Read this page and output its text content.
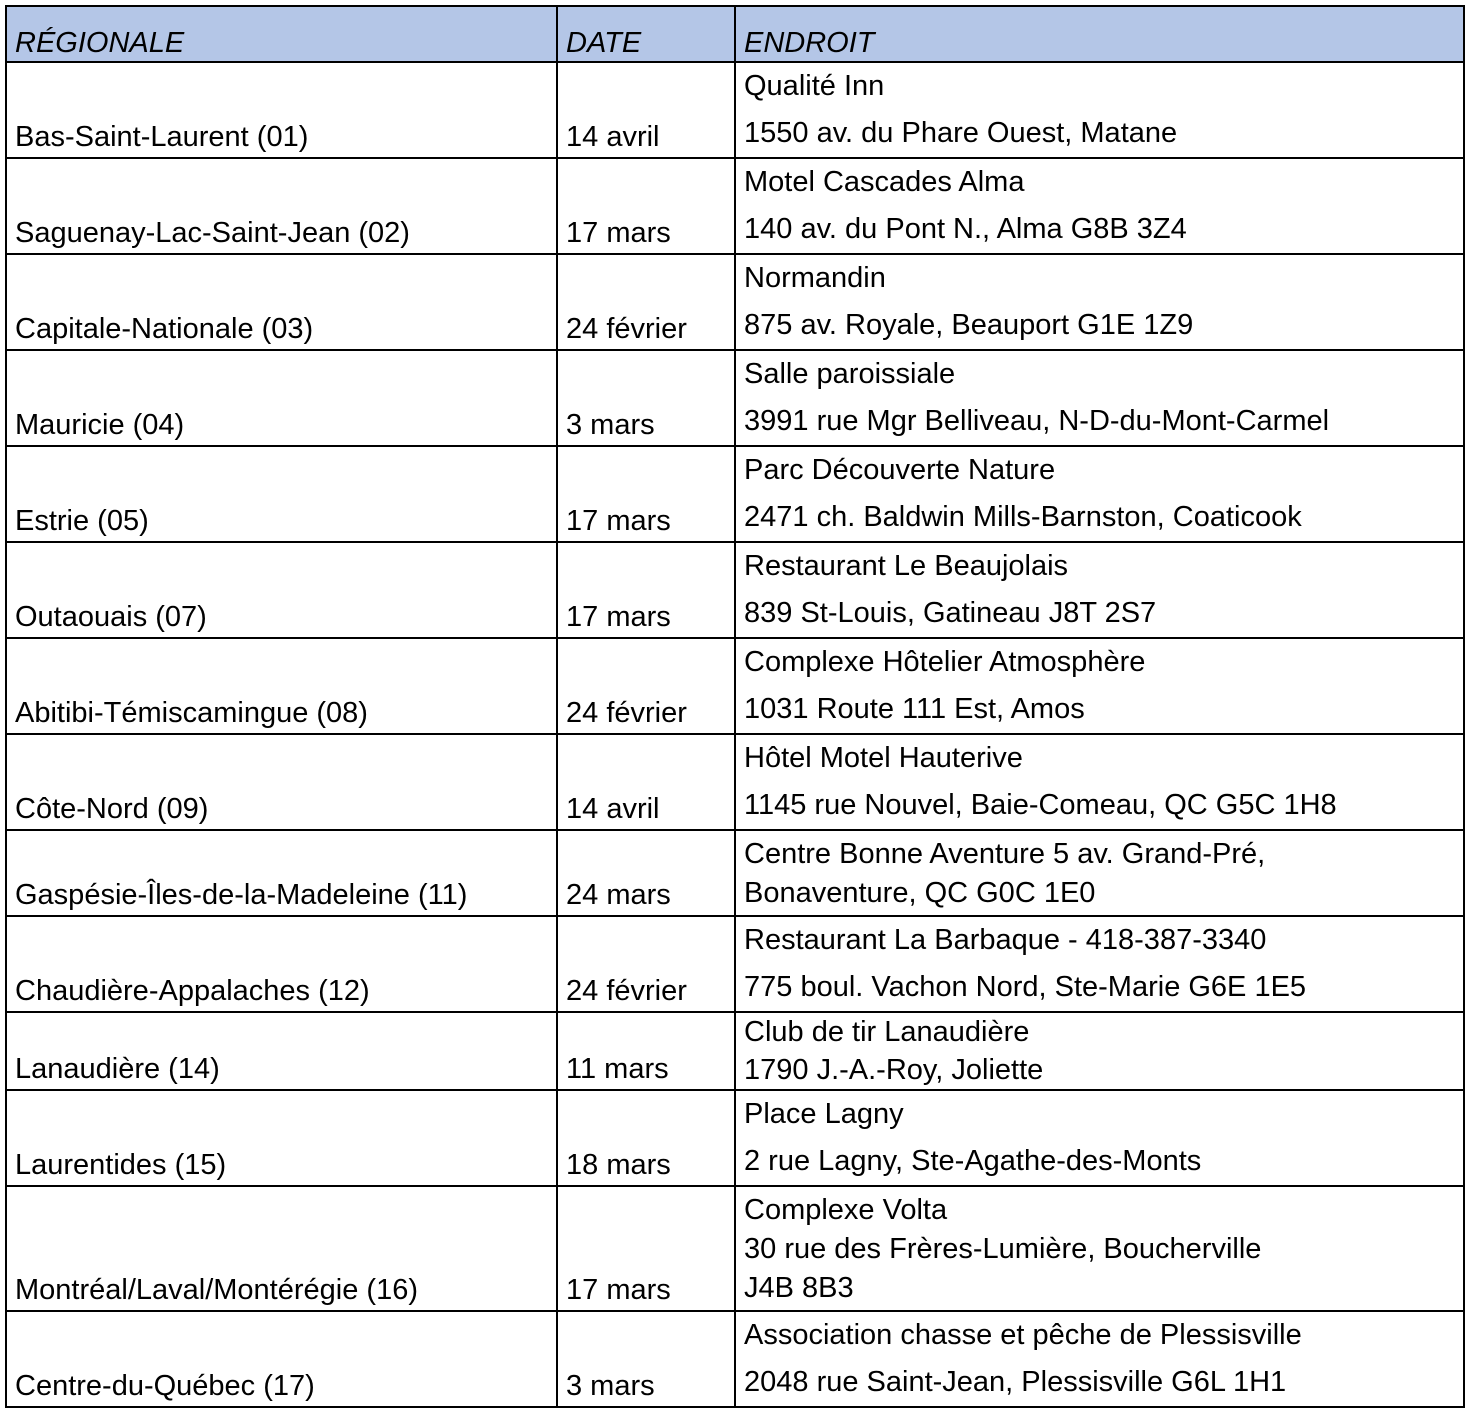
RÉGIONALE	DATE	ENDROIT
Bas-Saint-Laurent (01)	14 avril	Qualité Inn
1550 av. du Phare Ouest, Matane

Saguenay-Lac-Saint-Jean (02)	17 mars	Motel Cascades Alma
140 av. du Pont N., Alma G8B 3Z4

Capitale-Nationale (03)	24 février	Normandin
875 av. Royale, Beauport G1E 1Z9

Mauricie (04)	3 mars	Salle paroissiale
3991 rue Mgr Belliveau, N-D-du-Mont-Carmel

Estrie (05)	17 mars	Parc Découverte Nature
2471 ch. Baldwin Mills-Barnston, Coaticook

Outaouais (07)	17 mars	Restaurant Le Beaujolais
839 St-Louis, Gatineau J8T 2S7

Abitibi-Témiscamingue (08)	24 février	Complexe Hôtelier Atmosphère
1031 Route 111 Est, Amos

Côte-Nord (09)	14 avril	Hôtel Motel Hauterive
1145 rue Nouvel, Baie-Comeau, QC G5C 1H8

Gaspésie-Îles-de-la-Madeleine (11)	24 mars	Centre Bonne Aventure 5 av. Grand-Pré,
Bonaventure, QC G0C 1E0

Chaudière-Appalaches (12)	24 février	Restaurant La Barbaque - 418-387-3340
775 boul. Vachon Nord, Ste-Marie G6E 1E5

Lanaudière (14)	11 mars	Club de tir Lanaudière
1790 J.-A.-Roy, Joliette

Laurentides (15)	18 mars	Place Lagny
2 rue Lagny, Ste-Agathe-des-Monts

Montréal/Laval/Montérégie (16)	17 mars	Complexe Volta
30 rue des Frères-Lumière, Boucherville
J4B 8B3

Centre-du-Québec (17)	3 mars	Association chasse et pêche de Plessisville
2048 rue Saint-Jean, Plessisville G6L 1H1
